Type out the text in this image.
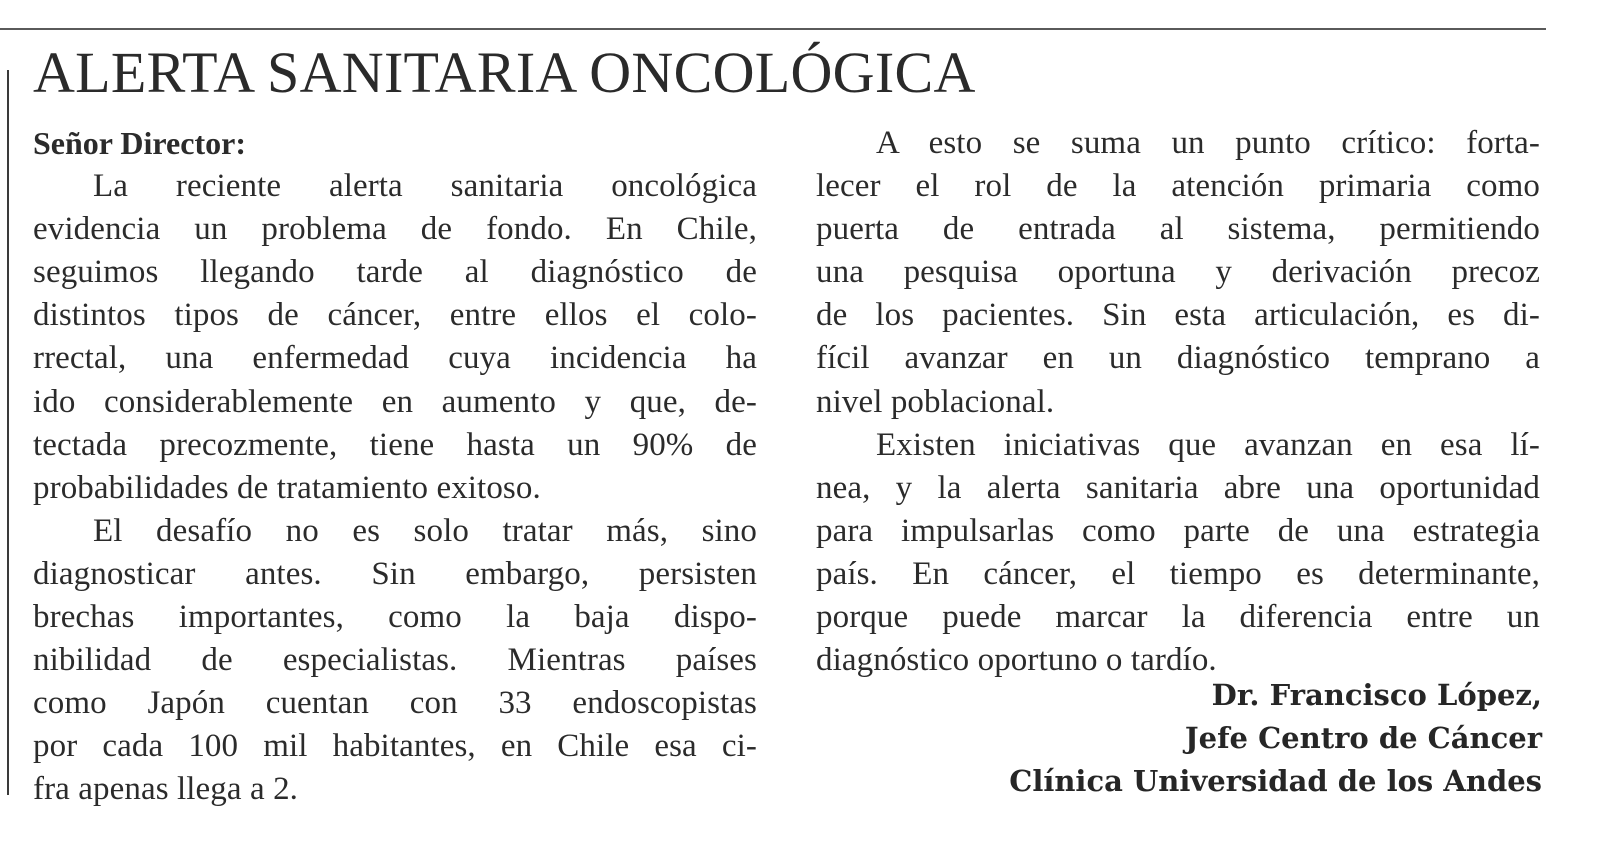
ALERTA SANITARIA ONCOLÓGICA
Señor Director:
La reciente alerta sanitaria oncológica
evidencia un problema de fondo. En Chile,
seguimos llegando tarde al diagnóstico de
distintos tipos de cáncer, entre ellos el colo-
rrectal, una enfermedad cuya incidencia ha
ido considerablemente en aumento y que, de-
tectada precozmente, tiene hasta un 90% de
probabilidades de tratamiento exitoso.
El desafío no es solo tratar más, sino
diagnosticar antes. Sin embargo, persisten
brechas importantes, como la baja dispo-
nibilidad de especialistas. Mientras países
como Japón cuentan con 33 endoscopistas
por cada 100 mil habitantes, en Chile esa ci-
fra apenas llega a 2.
A esto se suma un punto crítico: forta-
lecer el rol de la atención primaria como
puerta de entrada al sistema, permitiendo
una pesquisa oportuna y derivación precoz
de los pacientes. Sin esta articulación, es di-
fícil avanzar en un diagnóstico temprano a
nivel poblacional.
Existen iniciativas que avanzan en esa lí-
nea, y la alerta sanitaria abre una oportunidad
para impulsarlas como parte de una estrategia
país. En cáncer, el tiempo es determinante,
porque puede marcar la diferencia entre un
diagnóstico oportuno o tardío.
Dr. Francisco López,
Jefe Centro de Cáncer
Clínica Universidad de los Andes
